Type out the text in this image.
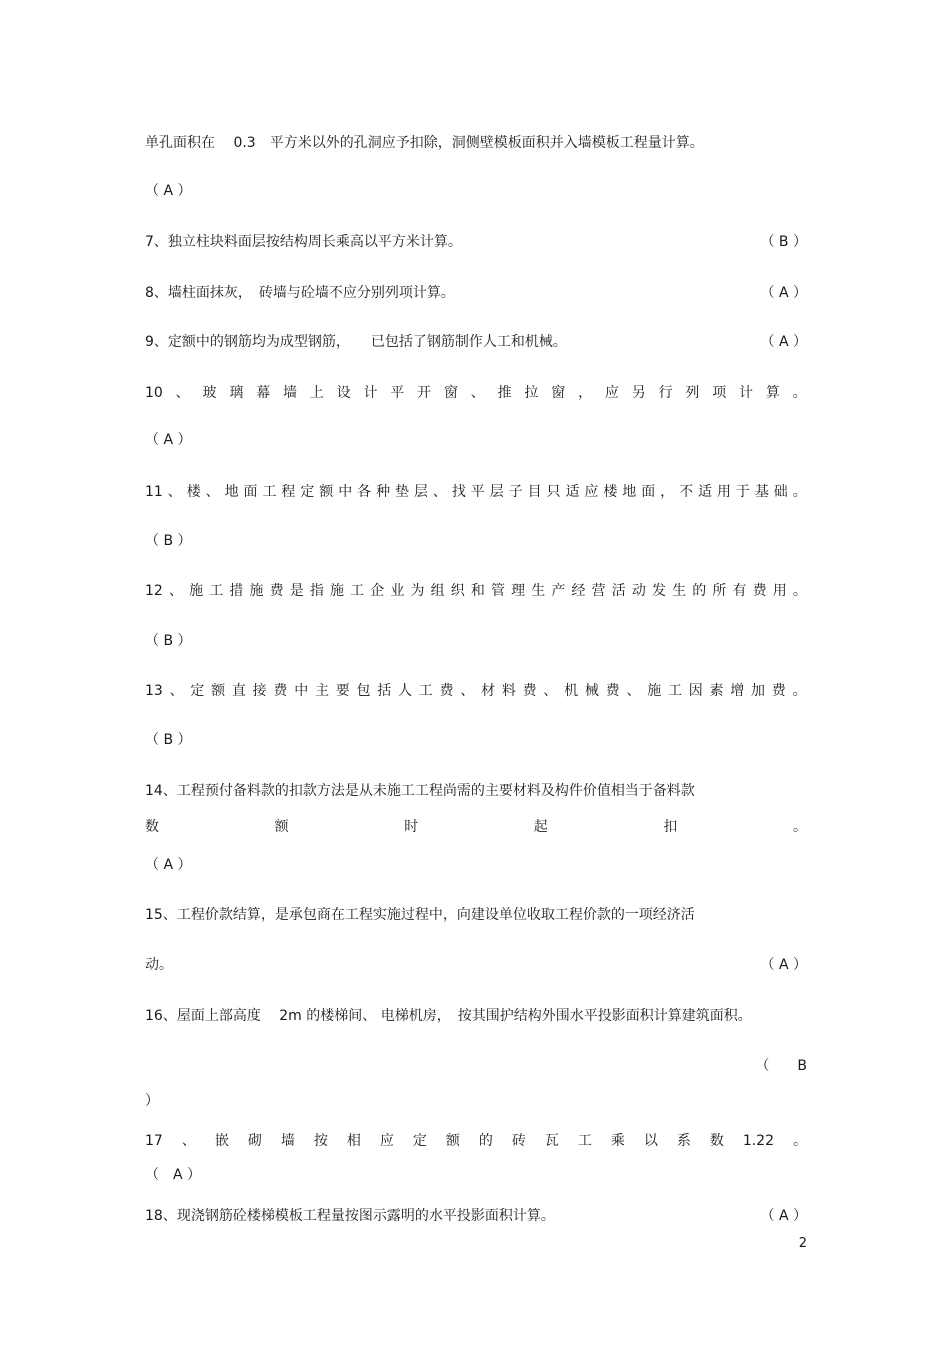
单孔面积在　 0.3　平方米以外的孔洞应予扣除，洞侧壁模板面积并入墙模板工程量计算。
（ A ）
7、独立柱块料面层按结构周长乘高以平方米计算。	（ B ）
8、墙柱面抹灰，　砖墙与砼墙不应分别列项计算。	（ A ）
9、定额中的钢筋均为成型钢筋，　　已包括了钢筋制作人工和机械。	（ A ）
10 、 玻 璃 幕 墙 上 设 计 平 开 窗 、 推 拉 窗 ， 应 另 行 列 项 计 算 。
（ A ）
11 、 楼 、 地 面 工 程 定 额 中 各 种 垫 层 、 找 平 层 子 目 只 适 应 楼 地 面 ， 不 适 用 于 基 础 。
（ B ）
12 、 施 工 措 施 费 是 指 施 工 企 业 为 组 织 和 管 理 生 产 经 营 活 动 发 生 的 所 有 费 用 。
（ B ）
13 、 定 额 直 接 费 中 主 要 包 括 人 工 费 、 材 料 费 、 机 械 费 、 施 工 因 素 增 加 费 。
（ B ）
14、工程预付备料款的扣款方法是从未施工工程尚需的主要材料及构件价值相当于备料款
数	额	时	起	扣	。
（ A ）
15、工程价款结算，是承包商在工程实施过程中，向建设单位收取工程价款的一项经济活
动。	（ A ）
16、屋面上部高度　 2m 的楼梯间、 电梯机房，　按其围护结构外围水平投影面积计算建筑面积。
（　　B
）
17 、 嵌 砌 墙 按 相 应 定 额 的 砖 瓦 工 乘 以 系 数 1.22 。
（　A ）
18、现浇钢筋砼楼梯模板工程量按图示露明的水平投影面积计算。	（ A ）
2
